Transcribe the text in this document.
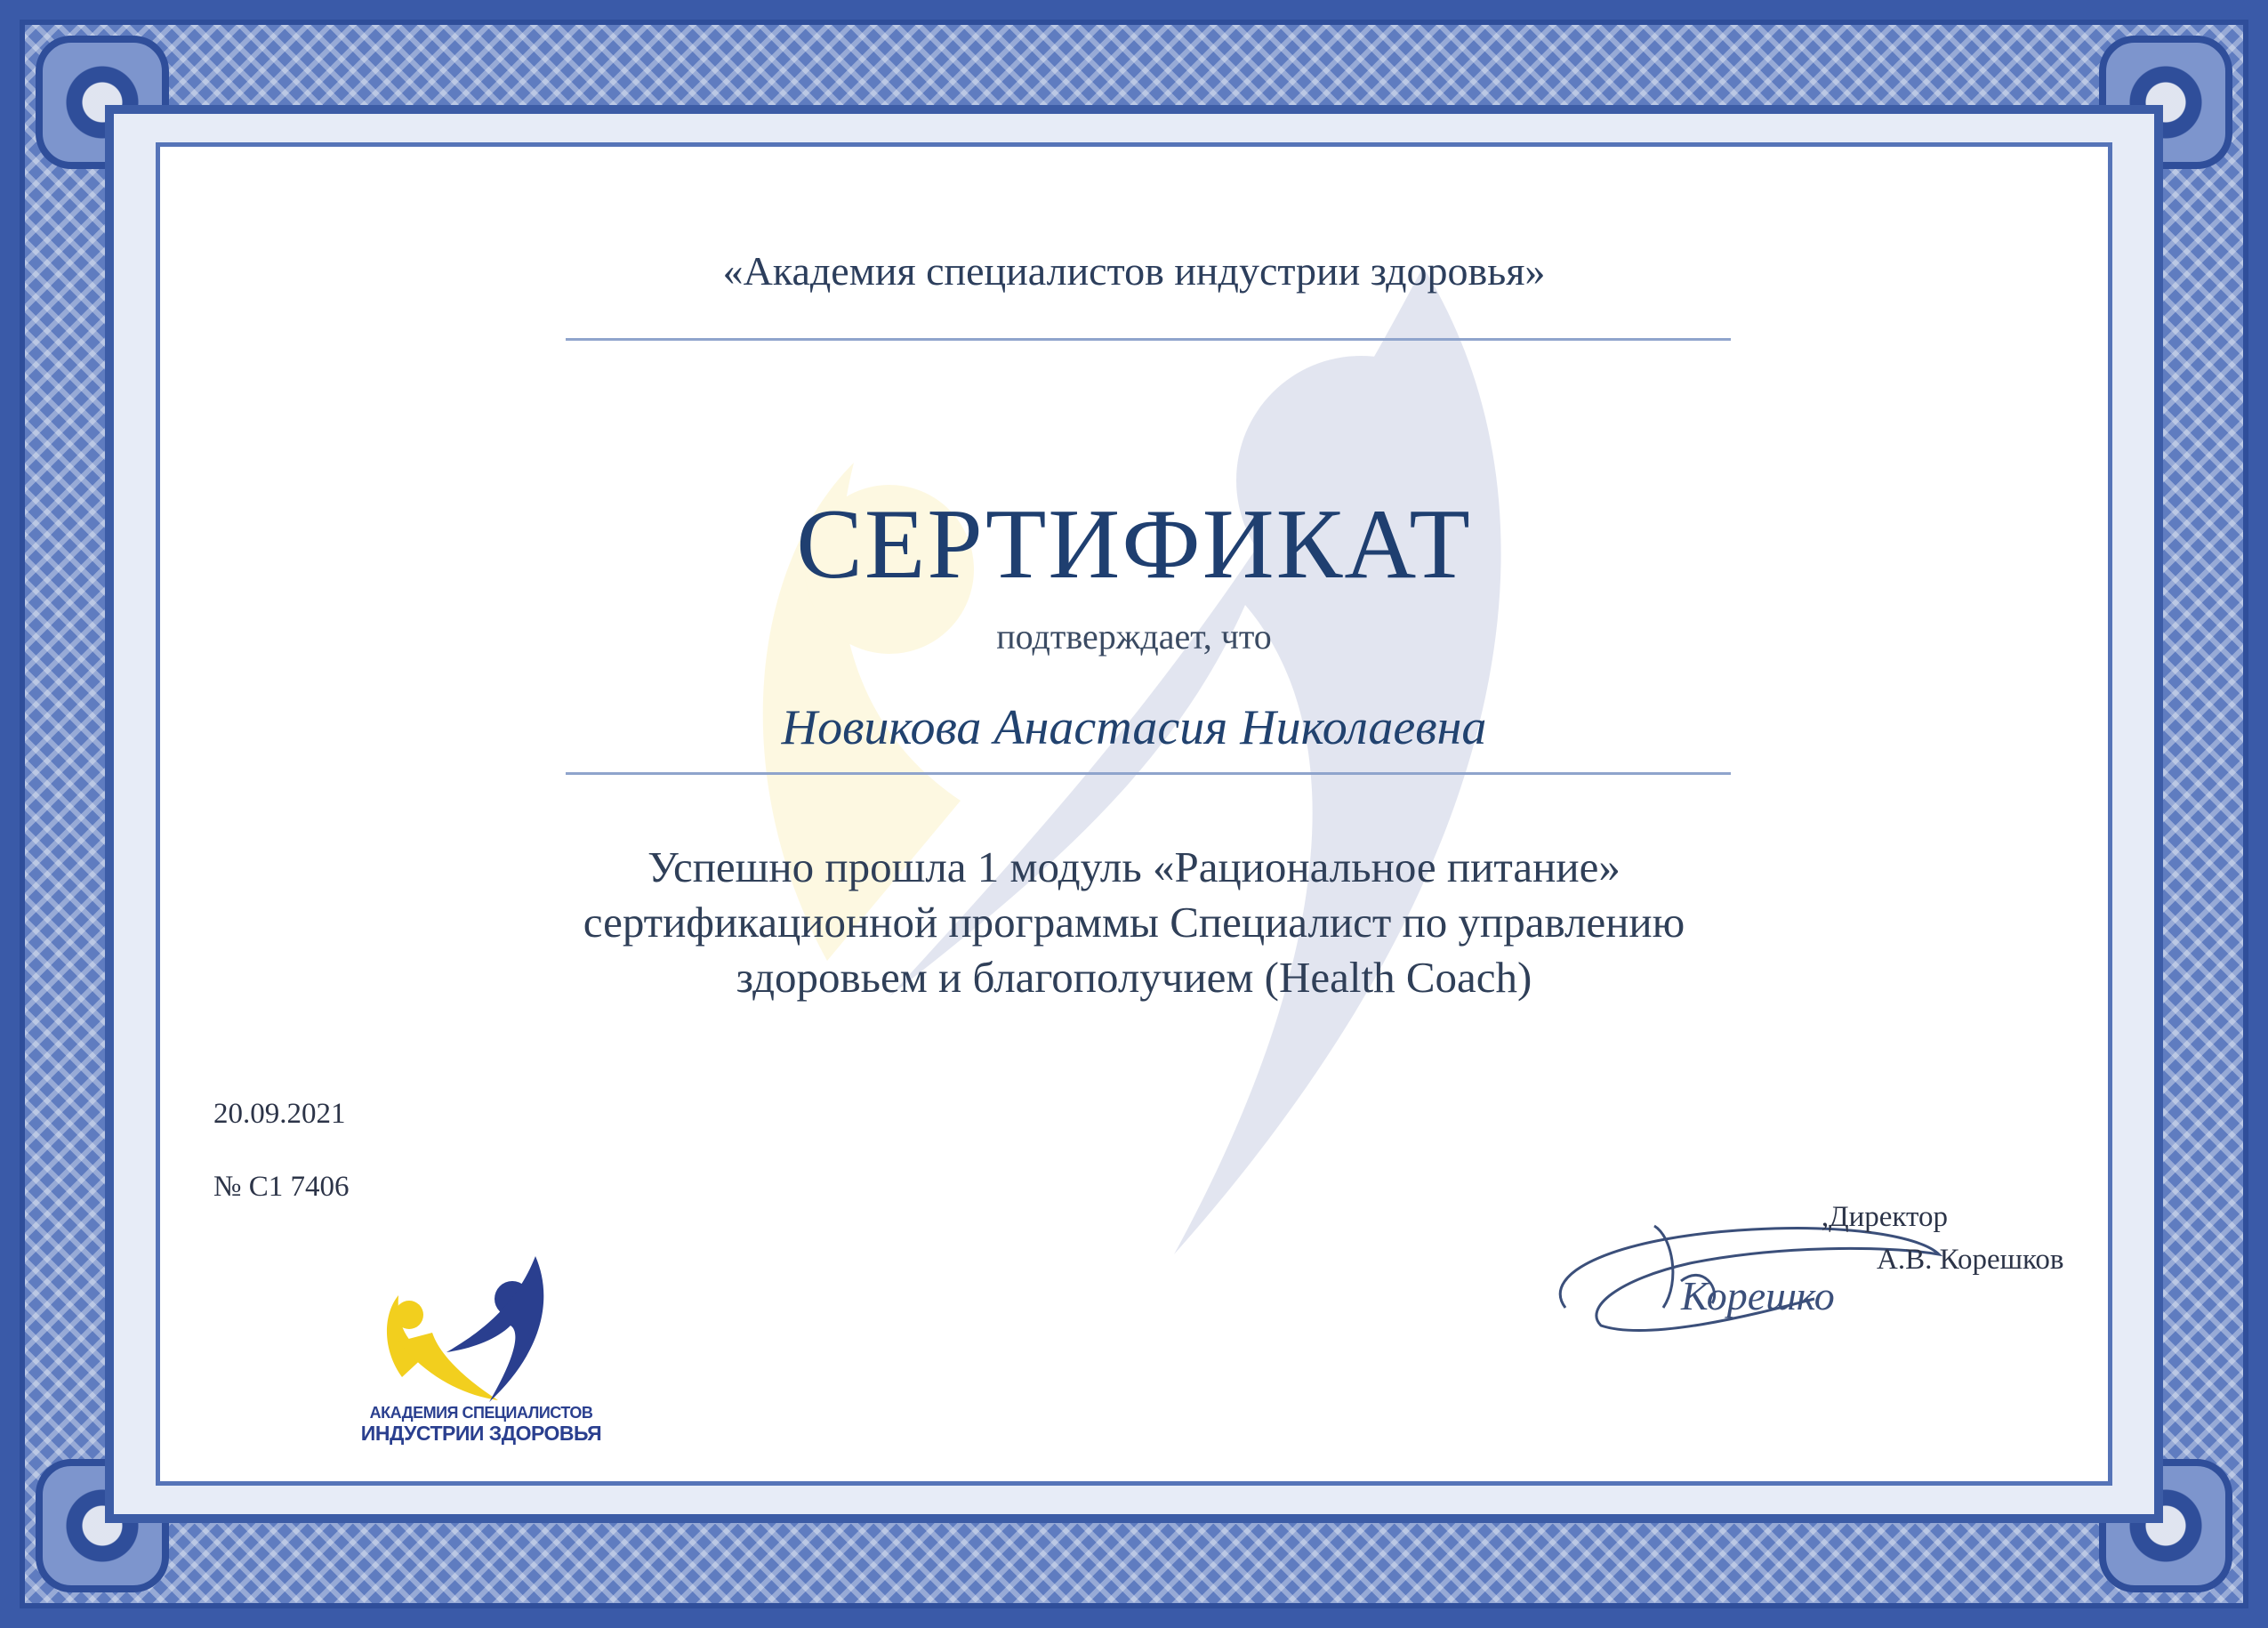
«Академия специалистов индустрии здоровья»
СЕРТИФИКАТ
подтверждает, что
Новикова Анастасия Николаевна
Успешно прошла 1 модуль «Рациональное питание»
сертификационной программы Специалист по управлению
здоровьем и благополучием (Health Coach)
20.09.2021
№ С1 7406
АКАДЕМИЯ СПЕЦИАЛИСТОВ
ИНДУСТРИИ ЗДОРОВЬЯ
Корешко
А.В. Корешков
